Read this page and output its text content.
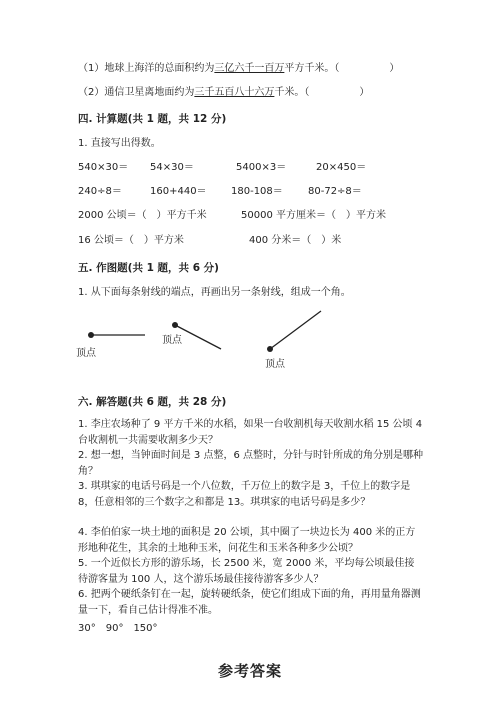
（1）地球上海洋的总面积约为三亿六千一百万平方千米。（　　　　　）
（2）通信卫星离地面约为三千五百八十六万千米。（　　　　　）
四. 计算题(共 1 题，共 12 分)
1. 直接写出得数。
540×30＝ 54×30＝	5400×3＝	20×450＝
240÷8＝	160+440＝ 180-108＝	80-72÷8＝
2000 公顷＝（　）平方千米	50000 平方厘米＝（　）平方米
16 公顷＝（　）平方米	400 分米＝（　）米
五. 作图题(共 1 题，共 6 分)
1. 从下面每条射线的端点，再画出另一条射线，组成一个角。
顶点
顶点
顶点
六. 解答题(共 6 题，共 28 分)
1. 李庄农场种了 9 平方千米的水稻，如果一台收割机每天收割水稻 15 公顷 4 台收割机一共需要收割多少天？
2. 想一想，当钟面时间是 3 点整，6 点整时，分针与时针所成的角分别是哪种角？
3. 琪琪家的电话号码是一个八位数，千万位上的数字是 3，千位上的数字是 8，任意相邻的三个数字之和都是 13。琪琪家的电话号码是多少？
4. 李伯伯家一块土地的面积是 20 公顷，其中圈了一块边长为 400 米的正方形地种花生，其余的土地种玉米，问花生和玉米各种多少公顷？
5. 一个近似长方形的游乐场，长 2500 米，宽 2000 米，平均每公顷最佳接待游客量为 100 人，这个游乐场最佳接待游客多少人？
6. 把两个硬纸条钉在一起，旋转硬纸条，使它们组成下面的角，再用量角器测量一下，看自己估计得准不准。
30°　90°　150°
参考答案
